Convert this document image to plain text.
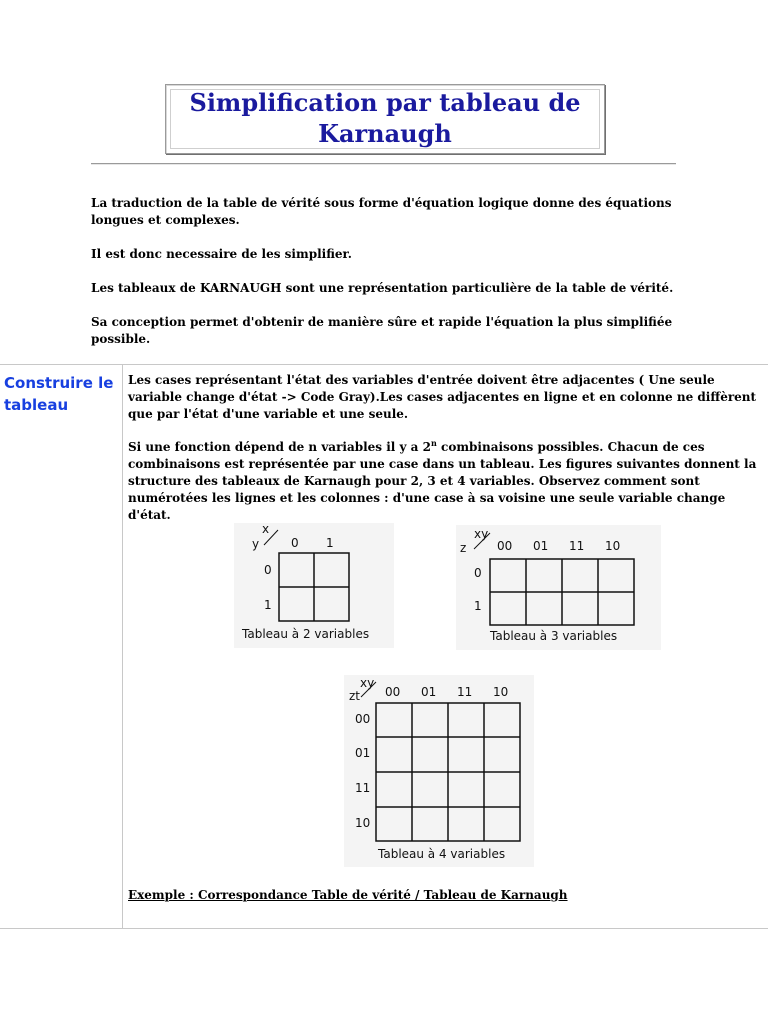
Simplification par tableau de
Karnaugh
La traduction de la table de vérité sous forme d'équation logique donne des équations longues et complexes.
Il est donc necessaire de les simplifier.
Les tableaux de KARNAUGH sont une représentation particulière de la table de vérité.
Sa conception permet d'obtenir de manière sûre et rapide l'équation la plus simplifiée possible.
Construire le
tableau
Les cases représentant l'état des variables d'entrée doivent être adjacentes ( Une seule variable change d'état -> Code Gray).Les cases adjacentes en ligne et en colonne ne diffèrent que par l'état d'une variable et une seule.
Si une fonction dépend de n variables il y a 2$^n$ combinaisons possibles. Chacun de ces combinaisons est représentée par une case dans un tableau. Les figures suivantes donnent la structure des tableaux de Karnaugh pour 2, 3 et 4 variables. Observez comment sont numérotées les lignes et les colonnes : d'une case à sa voisine une seule variable change d'état.
x
y	0 1
0
1
Tableau à 2 variables
xy
z	00 01 11 10
0
1
Tableau à 3 variables
xy
zt 00 01 11 10
00
01
11
10
Tableau à 4 variables
Exemple : Correspondance Table de vérité / Tableau de Karnaugh
